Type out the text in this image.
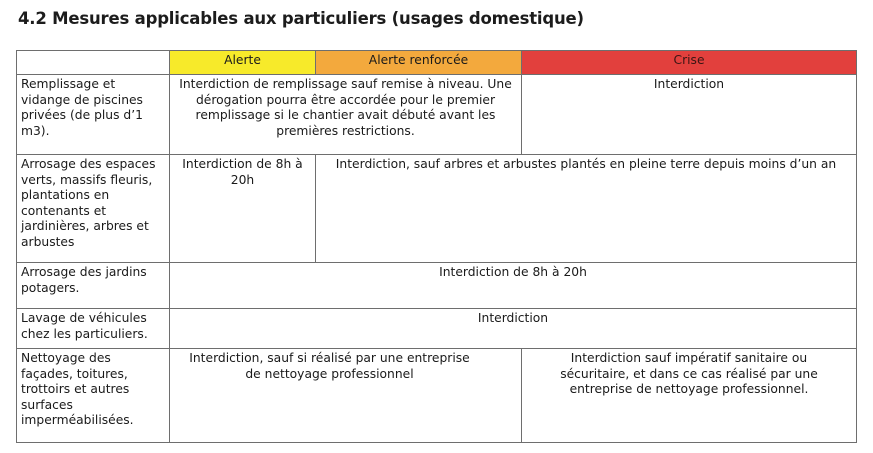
4.2 Mesures applicables aux particuliers (usages domestique)
	Alerte	Alerte renforcée	Crise
Remplissage et vidange de piscines privées (de plus d’1 m3).	Interdiction de remplissage sauf remise à niveau. Une dérogation pourra être accordée pour le premier remplissage si le chantier avait débuté avant les premières restrictions.		Interdiction
Arrosage des espaces verts, massifs fleuris, plantations en contenants et jardinières, arbres et arbustes	Interdiction de 8h à 20h	Interdiction, sauf arbres et arbustes plantés en pleine terre depuis moins d’un an	
Arrosage des jardins potagers.	Interdiction de 8h à 20h		
Lavage de véhicules chez les particuliers.	Interdiction		
Nettoyage des façades, toitures, trottoirs et autres surfaces imperméabilisées.	Interdiction, sauf si réalisé par une entreprise de nettoyage professionnel		Interdiction sauf impératif sanitaire ou sécuritaire, et dans ce cas réalisé par une entreprise de nettoyage professionnel.
